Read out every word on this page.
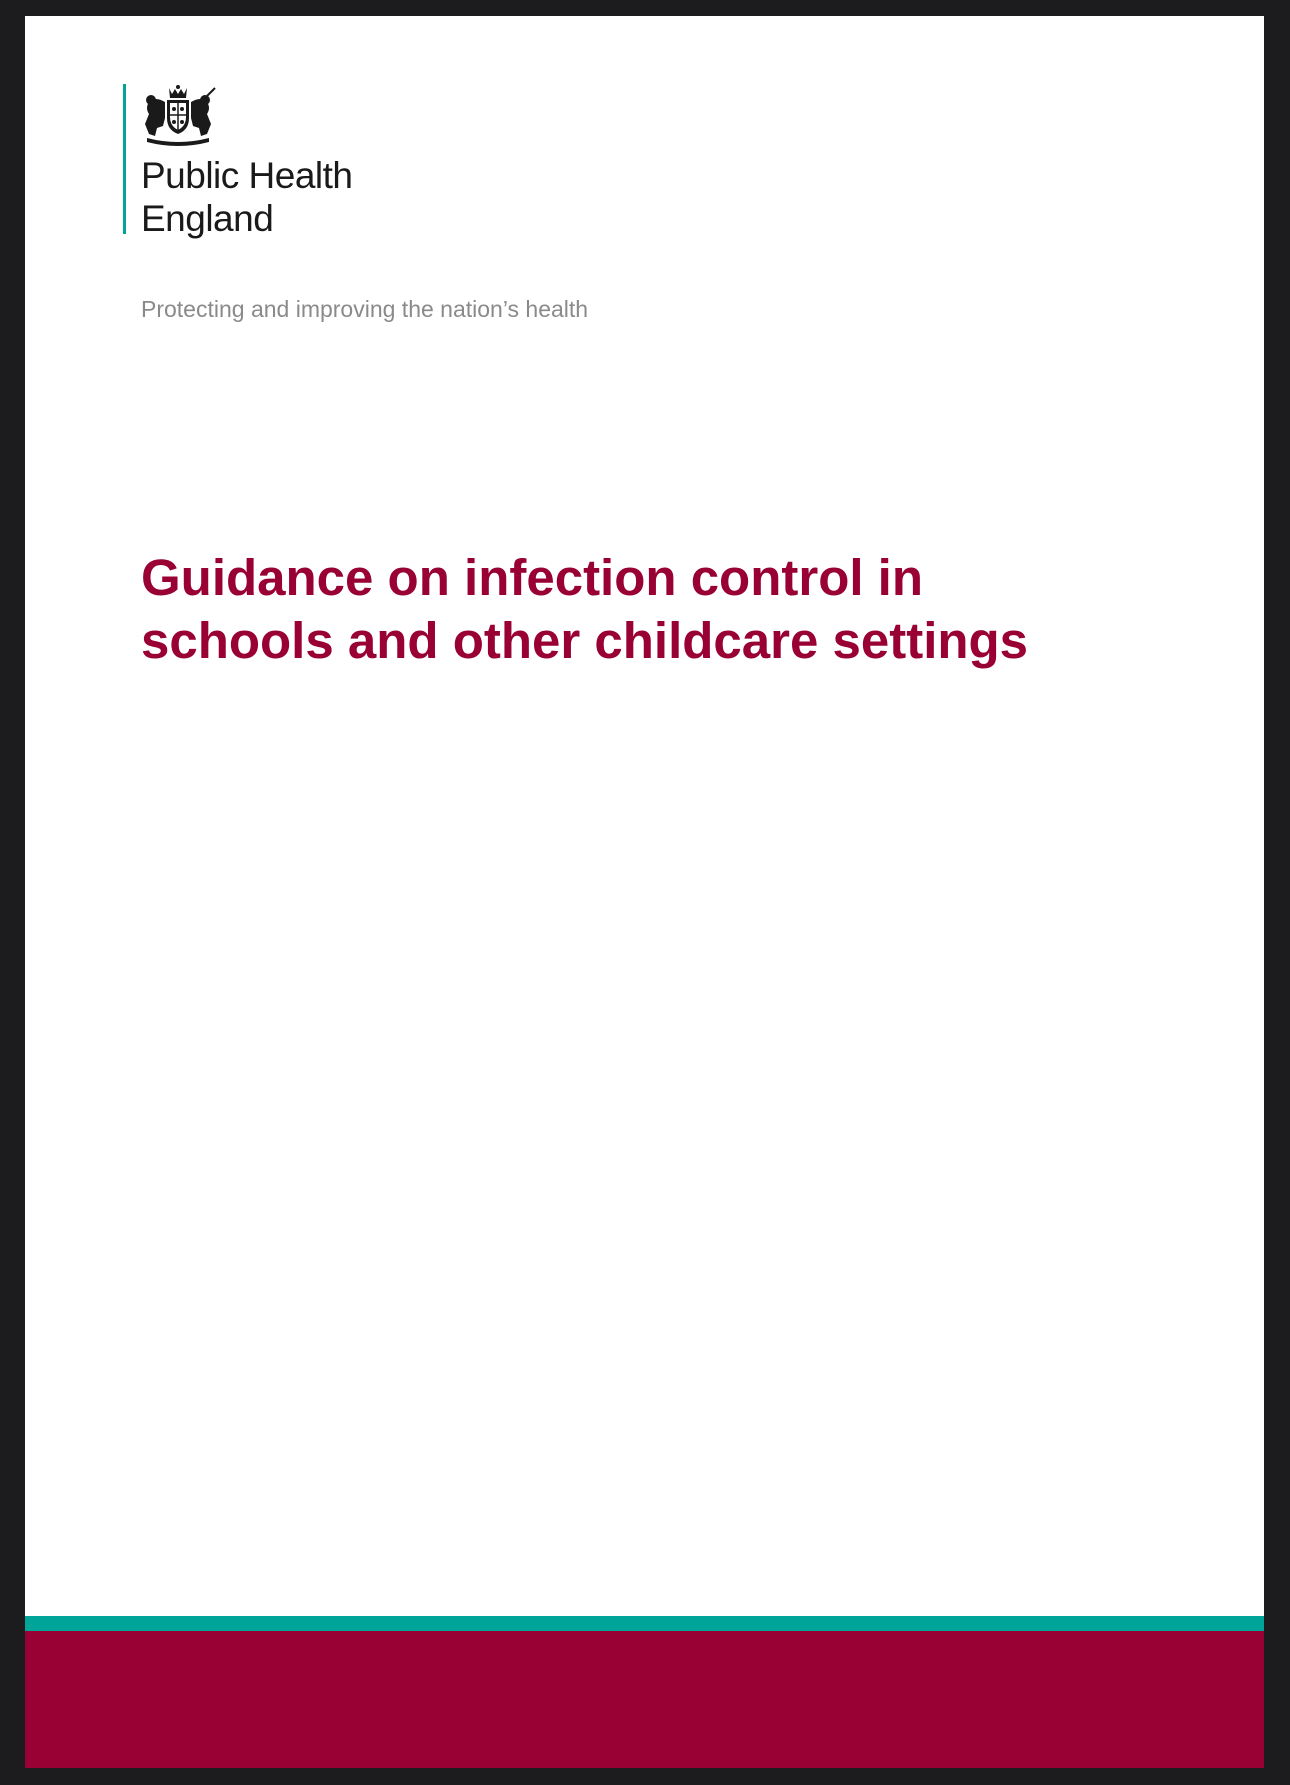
Public Health
England
Protecting and improving the nation’s health
Guidance on infection control in
schools and other childcare settings
